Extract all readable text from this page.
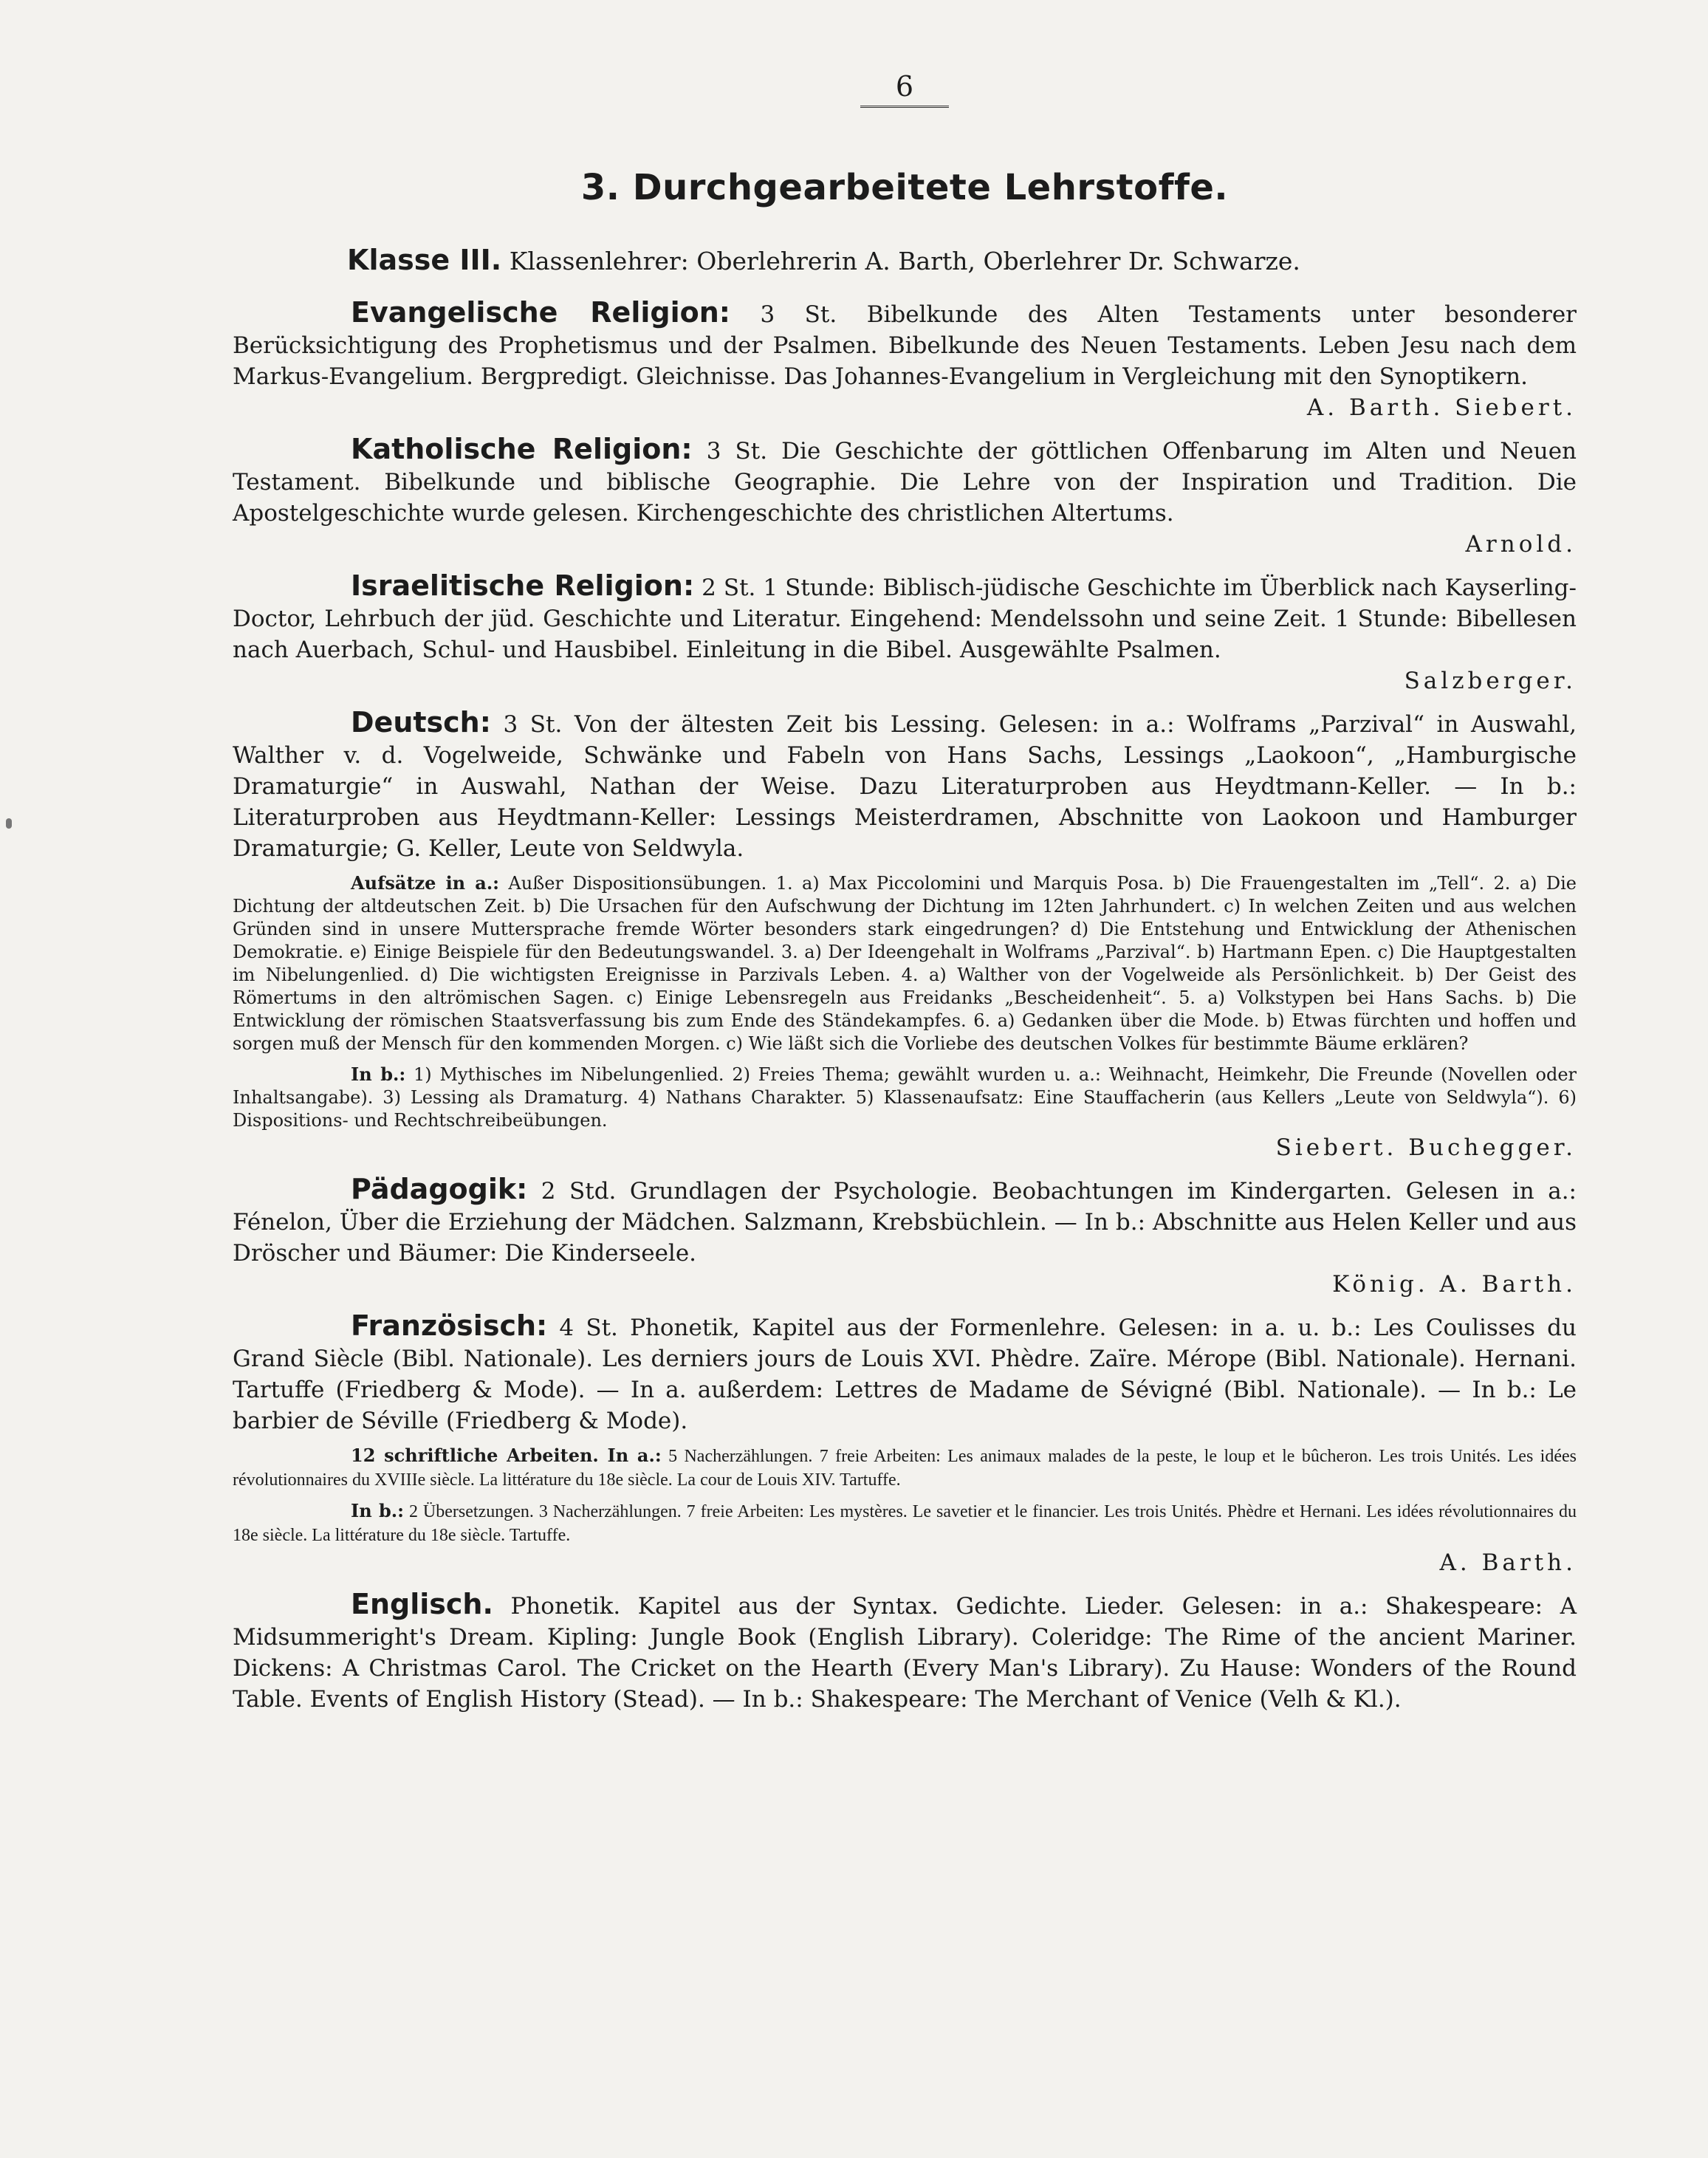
6
3. Durchgearbeitete Lehrstoffe.
Klasse III. Klassenlehrer: Oberlehrerin A. Barth, Oberlehrer Dr. Schwarze.

Evangelische Religion: 3 St. Bibelkunde des Alten Testaments unter besonderer Berücksichtigung des Prophetismus und der Psalmen. Bibelkunde des Neuen Testaments. Leben Jesu nach dem Markus-Evangelium. Bergpredigt. Gleichnisse. Das Johannes-Evangelium in Vergleichung mit den Synoptikern.

A. Barth. Siebert.

Katholische Religion: 3 St. Die Geschichte der göttlichen Offenbarung im Alten und Neuen Testament. Bibelkunde und biblische Geographie. Die Lehre von der Inspiration und Tradition. Die Apostelgeschichte wurde gelesen. Kirchengeschichte des christlichen Altertums.

Arnold.

Israelitische Religion: 2 St. 1 Stunde: Biblisch-jüdische Geschichte im Überblick nach Kayserling-Doctor, Lehrbuch der jüd. Geschichte und Literatur. Eingehend: Mendelssohn und seine Zeit. 1 Stunde: Bibellesen nach Auerbach, Schul- und Hausbibel. Einleitung in die Bibel. Ausgewählte Psalmen.

Salzberger.

Deutsch: 3 St. Von der ältesten Zeit bis Lessing. Gelesen: in a.: Wolframs „Parzival“ in Auswahl, Walther v. d. Vogelweide, Schwänke und Fabeln von Hans Sachs, Lessings „Laokoon“, „Hamburgische Dramaturgie“ in Auswahl, Nathan der Weise. Dazu Literaturproben aus Heydtmann-Keller. — In b.: Literaturproben aus Heydtmann-Keller: Lessings Meisterdramen, Abschnitte von Laokoon und Hamburger Dramaturgie; G. Keller, Leute von Seldwyla.

Aufsätze in a.: Außer Dispositionsübungen. 1. a) Max Piccolomini und Marquis Posa. b) Die Frauengestalten im „Tell“. 2. a) Die Dichtung der altdeutschen Zeit. b) Die Ursachen für den Aufschwung der Dichtung im 12ten Jahrhundert. c) In welchen Zeiten und aus welchen Gründen sind in unsere Muttersprache fremde Wörter besonders stark eingedrungen? d) Die Entstehung und Entwicklung der Athenischen Demokratie. e) Einige Beispiele für den Bedeutungswandel. 3. a) Der Ideengehalt in Wolframs „Parzival“. b) Hartmann Epen. c) Die Hauptgestalten im Nibelungenlied. d) Die wichtigsten Ereignisse in Parzivals Leben. 4. a) Walther von der Vogelweide als Persönlichkeit. b) Der Geist des Römertums in den altrömischen Sagen. c) Einige Lebensregeln aus Freidanks „Bescheidenheit“. 5. a) Volkstypen bei Hans Sachs. b) Die Entwicklung der römischen Staatsverfassung bis zum Ende des Ständekampfes. 6. a) Gedanken über die Mode. b) Etwas fürchten und hoffen und sorgen muß der Mensch für den kommenden Morgen. c) Wie läßt sich die Vorliebe des deutschen Volkes für bestimmte Bäume erklären?

In b.: 1) Mythisches im Nibelungenlied. 2) Freies Thema; gewählt wurden u. a.: Weihnacht, Heimkehr, Die Freunde (Novellen oder Inhaltsangabe). 3) Lessing als Dramaturg. 4) Nathans Charakter. 5) Klassenaufsatz: Eine Stauffacherin (aus Kellers „Leute von Seldwyla“). 6) Dispositions- und Rechtschreibeübungen.

Siebert. Buchegger.

Pädagogik: 2 Std. Grundlagen der Psychologie. Beobachtungen im Kindergarten. Gelesen in a.: Fénelon, Über die Erziehung der Mädchen. Salzmann, Krebsbüchlein. — In b.: Abschnitte aus Helen Keller und aus Dröscher und Bäumer: Die Kinderseele.

König. A. Barth.

Französisch: 4 St. Phonetik, Kapitel aus der Formenlehre. Gelesen: in a. u. b.: Les Coulisses du Grand Siècle (Bibl. Nationale). Les derniers jours de Louis XVI. Phèdre. Zaïre. Mérope (Bibl. Nationale). Hernani. Tartuffe (Friedberg & Mode). — In a. außerdem: Lettres de Madame de Sévigné (Bibl. Nationale). — In b.: Le barbier de Séville (Friedberg & Mode).

12 schriftliche Arbeiten. In a.: 5 Nacherzählungen. 7 freie Arbeiten: Les animaux malades de la peste, le loup et le bûcheron. Les trois Unités. Les idées révolutionnaires du XVIIIe siècle. La littérature du 18e siècle. La cour de Louis XIV. Tartuffe.

In b.: 2 Übersetzungen. 3 Nacherzählungen. 7 freie Arbeiten: Les mystères. Le savetier et le financier. Les trois Unités. Phèdre et Hernani. Les idées révolutionnaires du 18e siècle. La littérature du 18e siècle. Tartuffe.

A. Barth.

Englisch. Phonetik. Kapitel aus der Syntax. Gedichte. Lieder. Gelesen: in a.: Shakespeare: A Midsummeright's Dream. Kipling: Jungle Book (English Library). Coleridge: The Rime of the ancient Mariner. Dickens: A Christmas Carol. The Cricket on the Hearth (Every Man's Library). Zu Hause: Wonders of the Round Table. Events of English History (Stead). — In b.: Shakespeare: The Merchant of Venice (Velh & Kl.).
